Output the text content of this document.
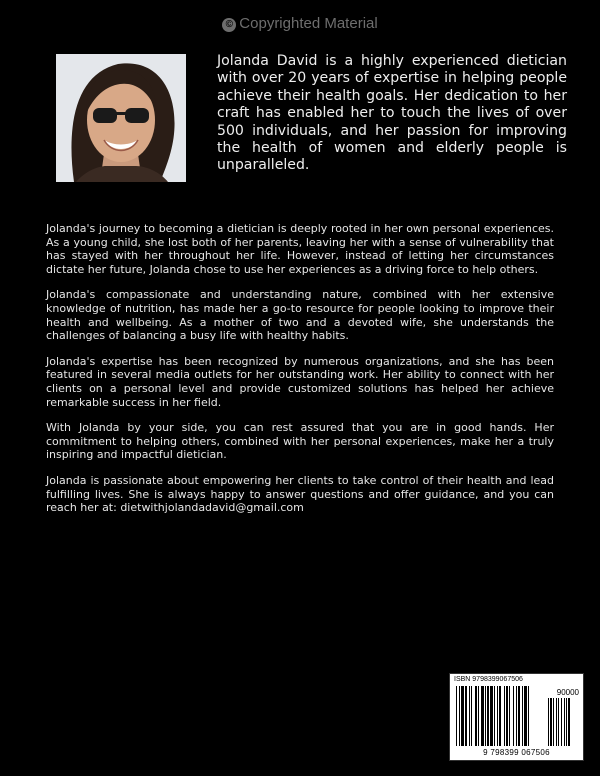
© Copyrighted Material
Jolanda David is a highly experienced dietician with over 20 years of expertise in helping people achieve their health goals. Her dedication to her craft has enabled her to touch the lives of over 500 individuals, and her passion for improving the health of women and elderly people is unparalleled.

Jolanda's journey to becoming a dietician is deeply rooted in her own personal experiences. As a young child, she lost both of her parents, leaving her with a sense of vulnerability that has stayed with her throughout her life. However, instead of letting her circumstances dictate her future, Jolanda chose to use her experiences as a driving force to help others.

Jolanda's compassionate and understanding nature, combined with her extensive knowledge of nutrition, has made her a go-to resource for people looking to improve their health and wellbeing. As a mother of two and a devoted wife, she understands the challenges of balancing a busy life with healthy habits.

Jolanda's expertise has been recognized by numerous organizations, and she has been featured in several media outlets for her outstanding work. Her ability to connect with her clients on a personal level and provide customized solutions has helped her achieve remarkable success in her field.

With Jolanda by your side, you can rest assured that you are in good hands. Her commitment to helping others, combined with her personal experiences, make her a truly inspiring and impactful dietician.

Jolanda is passionate about empowering her clients to take control of their health and lead fulfilling lives. She is always happy to answer questions and offer guidance, and you can reach her at: dietwithjolandadavid@gmail.com

ISBN 9798399067506
90000
9 798399 067506
